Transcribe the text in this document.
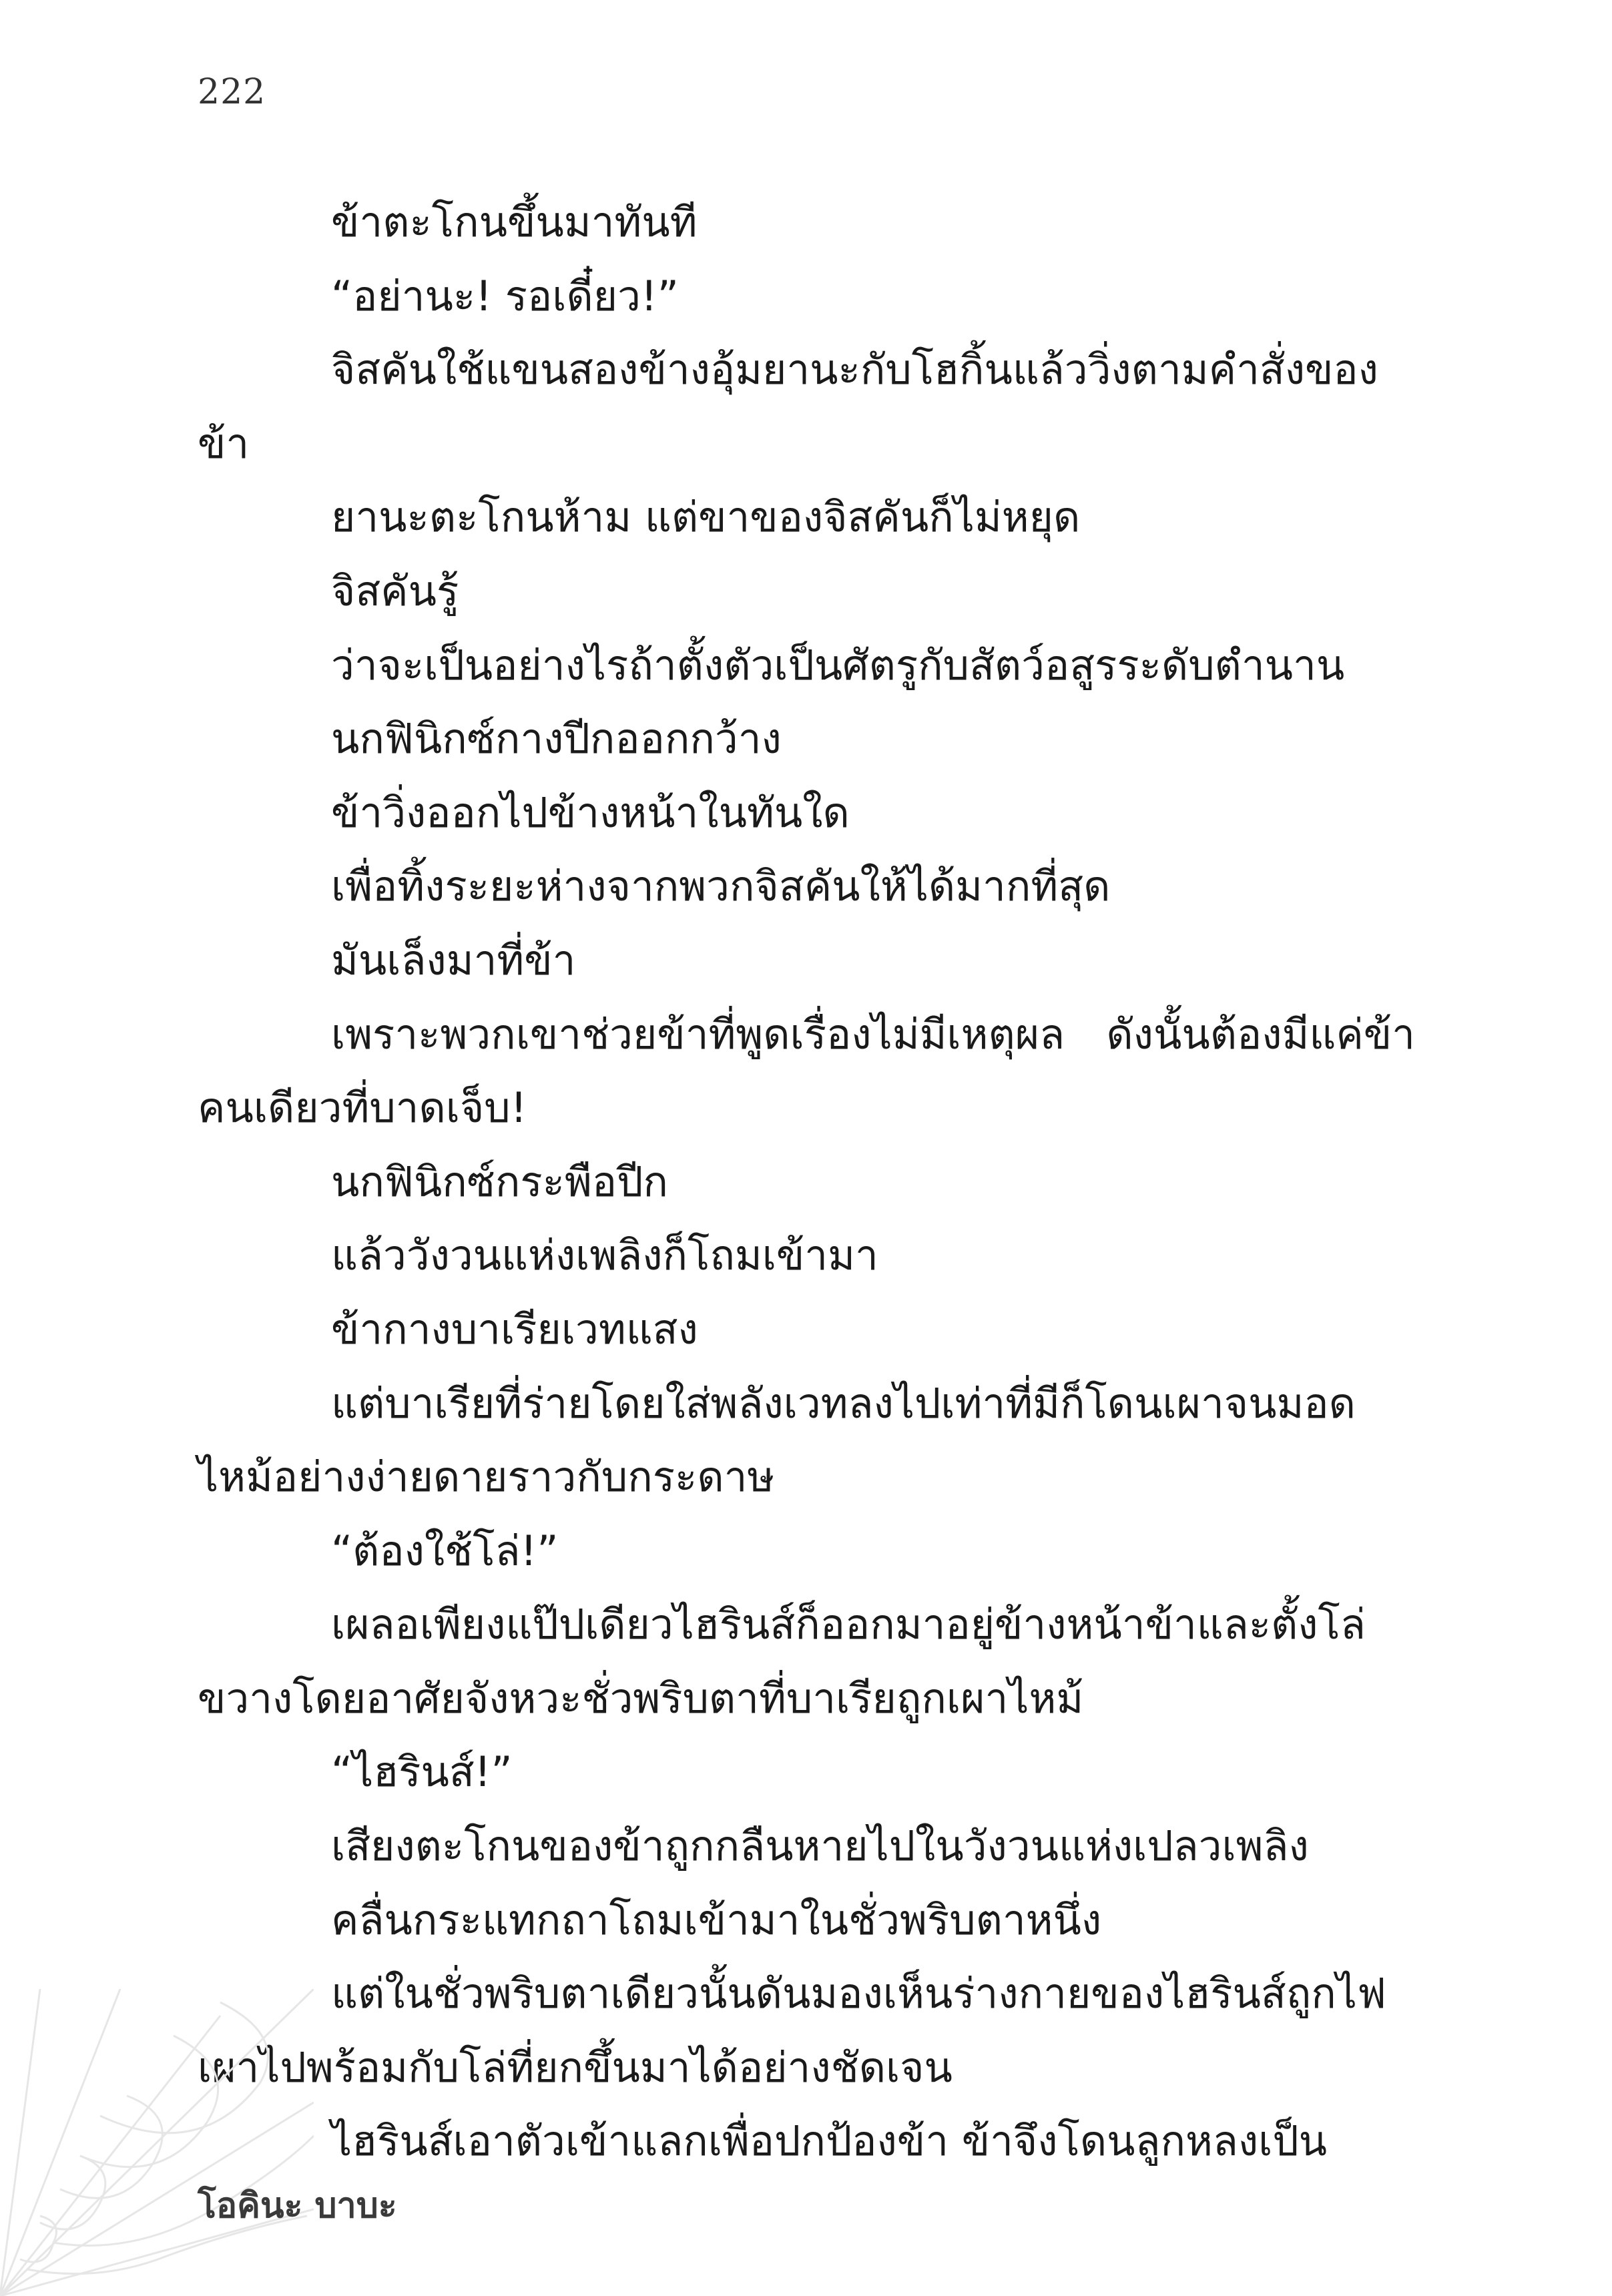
222

ข้าตะโกนขึ้นมาทันที

“อย่านะ! รอเดี๋ยว!”

จิสคันใช้แขนสองข้างอุ้มยานะกับโฮกิ้นแล้ววิ่งตามคำสั่งของข้า

ยานะตะโกนห้าม แต่ขาของจิสคันก็ไม่หยุด

จิสคันรู้

ว่าจะเป็นอย่างไรถ้าตั้งตัวเป็นศัตรูกับสัตว์อสูรระดับตำนาน

นกฟินิกซ์กางปีกออกกว้าง

ข้าวิ่งออกไปข้างหน้าในทันใด

เพื่อทิ้งระยะห่างจากพวกจิสคันให้ได้มากที่สุด

มันเล็งมาที่ข้า

เพราะพวกเขาช่วยข้าที่พูดเรื่องไม่มีเหตุผล ดังนั้นต้องมีแค่ข้าคนเดียวที่บาดเจ็บ!

นกฟินิกซ์กระพือปีก

แล้ววังวนแห่งเพลิงก็โถมเข้ามา

ข้ากางบาเรียเวทแสง

แต่บาเรียที่ร่ายโดยใส่พลังเวทลงไปเท่าที่มีก็โดนเผาจนมอดไหม้อย่างง่ายดายราวกับกระดาษ

“ต้องใช้โล่!”

เผลอเพียงแป๊ปเดียวไฮรินส์ก็ออกมาอยู่ข้างหน้าข้าและตั้งโล่ขวางโดยอาศัยจังหวะชั่วพริบตาที่บาเรียถูกเผาไหม้

“ไฮรินส์!”

เสียงตะโกนของข้าถูกกลืนหายไปในวังวนแห่งเปลวเพลิง

คลื่นกระแทกถาโถมเข้ามาในชั่วพริบตาหนึ่ง

แต่ในชั่วพริบตาเดียวนั้นดันมองเห็นร่างกายของไฮรินส์ถูกไฟเผาไปพร้อมกับโล่ที่ยกขึ้นมาได้อย่างชัดเจน

ไฮรินส์เอาตัวเข้าแลกเพื่อปกป้องข้า ข้าจึงโดนลูกหลงเป็น

โอคินะ บาบะ
